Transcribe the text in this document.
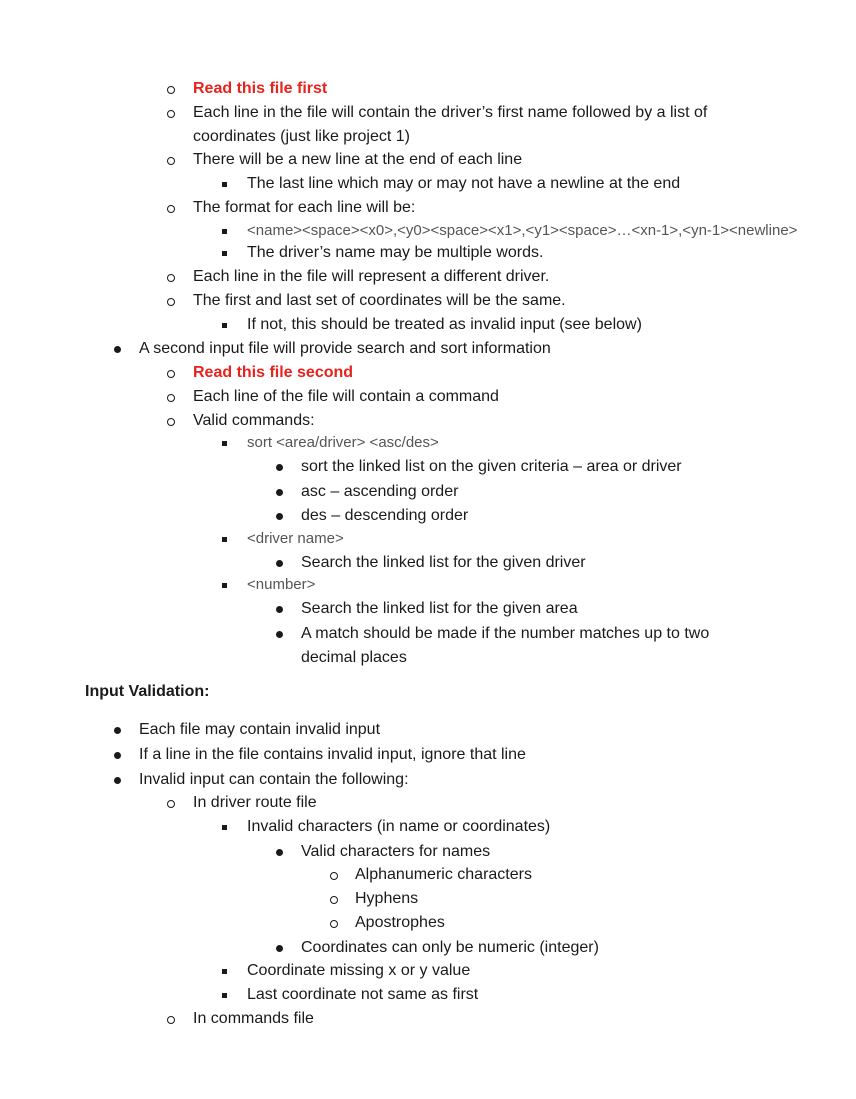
Read this file first
Each line in the file will contain the driver’s first name followed by a list of
coordinates (just like project 1)
There will be a new line at the end of each line
The last line which may or may not have a newline at the end
The format for each line will be:
<name><space><x0>,<y0><space><x1>,<y1><space>…<xn-1>,<yn-1><newline>
The driver’s name may be multiple words.
Each line in the file will represent a different driver.
The first and last set of coordinates will be the same.
If not, this should be treated as invalid input (see below)
A second input file will provide search and sort information
Read this file second
Each line of the file will contain a command
Valid commands:
sort <area/driver> <asc/des>
sort the linked list on the given criteria – area or driver
asc – ascending order
des – descending order
<driver name>
Search the linked list for the given driver
<number>
Search the linked list for the given area
A match should be made if the number matches up to two
decimal places
Input Validation:
Each file may contain invalid input
If a line in the file contains invalid input, ignore that line
Invalid input can contain the following:
In driver route file
Invalid characters (in name or coordinates)
Valid characters for names
Alphanumeric characters
Hyphens
Apostrophes
Coordinates can only be numeric (integer)
Coordinate missing x or y value
Last coordinate not same as first
In commands file
